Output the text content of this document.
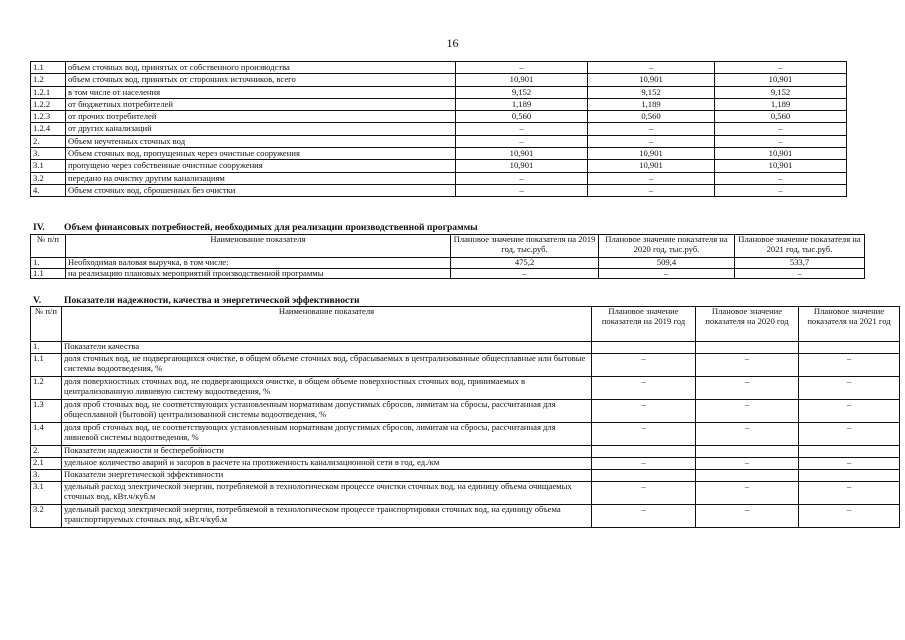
16
1.1	объем сточных вод, принятых от собственного производства	–	–	–
1.2	объем сточных вод, принятых от сторонних источников, всего	10,901	10,901	10,901
1.2.1	в том числе от населения	9,152	9,152	9,152
1.2.2	от бюджетных потребителей	1,189	1,189	1,189
1.2.3	от прочих потребителей	0,560	0,560	0,560
1.2.4	от других канализаций	–	–	–
2.	Объем неучтенных сточных вод	–	–	–
3.	Объем сточных вод, пропущенных через очистные сооружения	10,901	10,901	10,901
3.1	пропущено через собственные очистные сооружения	10,901	10,901	10,901
3.2	передано на очистку другим канализациям	–	–	–
4.	Объем сточных вод, сброшенных без очистки	–	–	–
IV. Объем финансовых потребностей, необходимых для реализации производственной программы
№ п/п	Наименование показателя	Плановое значение показателя на 2019 год, тыс.руб.	Плановое значение показателя на 2020 год, тыс.руб.	Плановое значение показателя на 2021 год, тыс.руб.
1.	Необходимая валовая выручка, в том числе:	475,2	509,4	533,7
1.1	на реализацию плановых мероприятий производственной программы	–	–	–
V. Показатели надежности, качества и энергетической эффективности
№ п/п	Наименование показателя	Плановое значение показателя на 2019 год	Плановое значение показателя на 2020 год	Плановое значение показателя на 2021 год
1.	Показатели качества			
1.1	доля сточных вод, не подвергающихся очистке, в общем объеме сточных вод, сбрасываемых в централизованные общесплавные или бытовые системы водоотведения, %	–	–	–
1.2	доля поверхностных сточных вод, не подвергающихся очистке, в общем объеме поверхностных сточных вод, принимаемых в централизованную ливневую систему водоотведения, %	–	–	–
1.3	доля проб сточных вод, не соответствующих установленным нормативам допустимых сбросов, лимитам на сбросы, рассчитанная для общесплавной (бытовой) централизованной системы водоотведения, %	–	–	–
1.4	доля проб сточных вод, не соответствующих установленным нормативам допустимых сбросов, лимитам на сбросы, рассчитанная для ливневой системы водоотведения, %	–	–	–
2.	Показатели надежности и бесперебойности			
2.1	удельное количество аварий и засоров в расчете на протяженность канализационной сети в год, ед./км	–	–	–
3.	Показатели энергетической эффективности			
3.1	удельный расход электрической энергии, потребляемой в технологическом процессе очистки сточных вод, на единицу объема очищаемых сточных вод, кВт.ч/куб.м	–	–	–
3.2	удельный расход электрической энергии, потребляемой в технологическом процессе транспортировки сточных вод, на единицу объема транспортируемых сточных вод, кВт.ч/куб.м	–	–	–
